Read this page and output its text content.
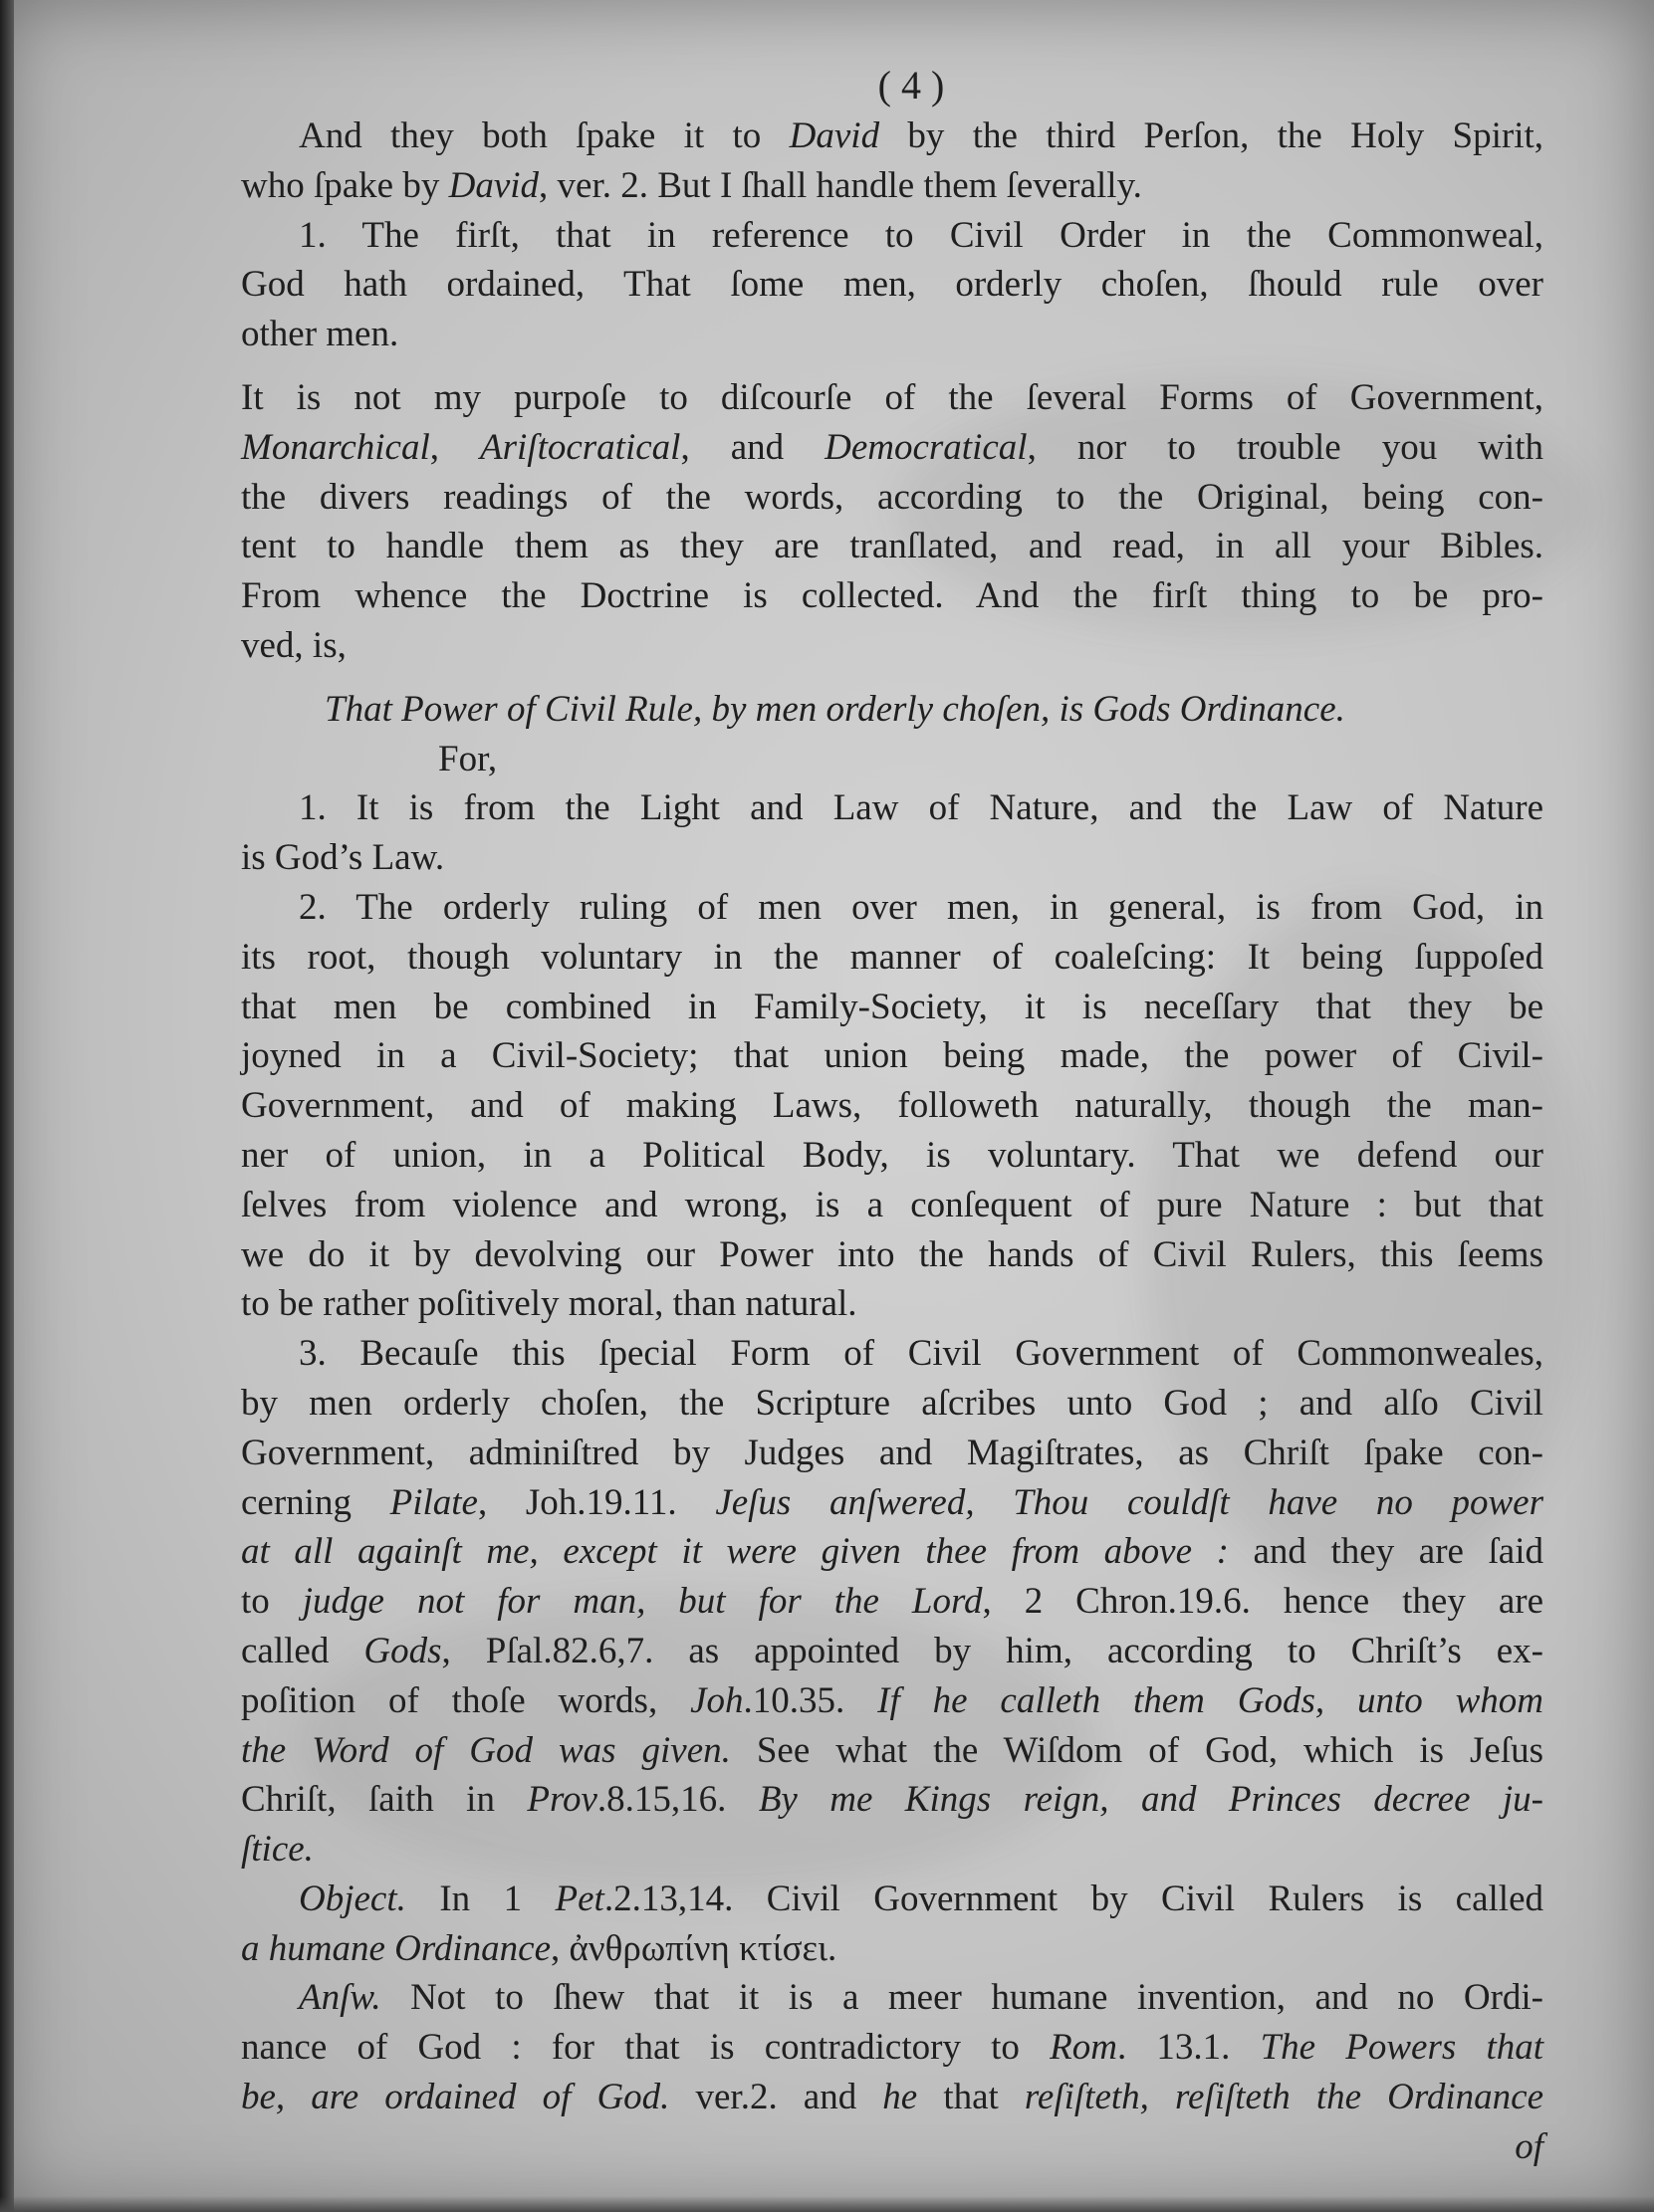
( 4 )
And they both ſpake it to David by the third Perſon, the Holy Spirit,
who ſpake by David, ver. 2. But I ſhall handle them ſeverally.
1. The firſt, that in reference to Civil Order in the Commonweal,
God hath ordained, That ſome men, orderly choſen, ſhould rule over
other men.
It is not my purpoſe to diſcourſe of the ſeveral Forms of Government,
Monarchical, Ariſtocratical, and Democratical, nor to trouble you with
the divers readings of the words, according to the Original, being con-
tent to handle them as they are tranſlated, and read, in all your Bibles.
From whence the Doctrine is collected. And the firſt thing to be pro-
ved, is,
That Power of Civil Rule, by men orderly choſen, is Gods Ordinance.
For,
1. It is from the Light and Law of Nature, and the Law of Nature
is God’s Law.
2. The orderly ruling of men over men, in general, is from God, in
its root, though voluntary in the manner of coaleſcing: It being ſuppoſed
that men be combined in Family-Society, it is neceſſary that they be
joyned in a Civil-Society; that union being made, the power of Civil-
Government, and of making Laws, followeth naturally, though the man-
ner of union, in a Political Body, is voluntary. That we defend our
ſelves from violence and wrong, is a conſequent of pure Nature : but that
we do it by devolving our Power into the hands of Civil Rulers, this ſeems
to be rather poſitively moral, than natural.
3. Becauſe this ſpecial Form of Civil Government of Commonweales,
by men orderly choſen, the Scripture aſcribes unto God ; and alſo Civil
Government, adminiſtred by Judges and Magiſtrates, as Chriſt ſpake con-
cerning Pilate, Joh.19.11. Jeſus anſwered, Thou couldſt have no power
at all againſt me, except it were given thee from above : and they are ſaid
to judge not for man, but for the Lord, 2 Chron.19.6. hence they are
called Gods, Pſal.82.6,7. as appointed by him, according to Chriſt’s ex-
poſition of thoſe words, Joh.10.35. If he calleth them Gods, unto whom
the Word of God was given. See what the Wiſdom of God, which is Jeſus
Chriſt, ſaith in Prov.8.15,16. By me Kings reign, and Princes decree ju-
ſtice.
Object. In 1 Pet.2.13,14. Civil Government by Civil Rulers is called
a humane Ordinance, ἀνθρωπίνη κτίσει.
Anſw. Not to ſhew that it is a meer humane invention, and no Ordi-
nance of God : for that is contradictory to Rom. 13.1. The Powers that
be, are ordained of God. ver.2. and he that reſiſteth, reſiſteth the Ordinance
of
